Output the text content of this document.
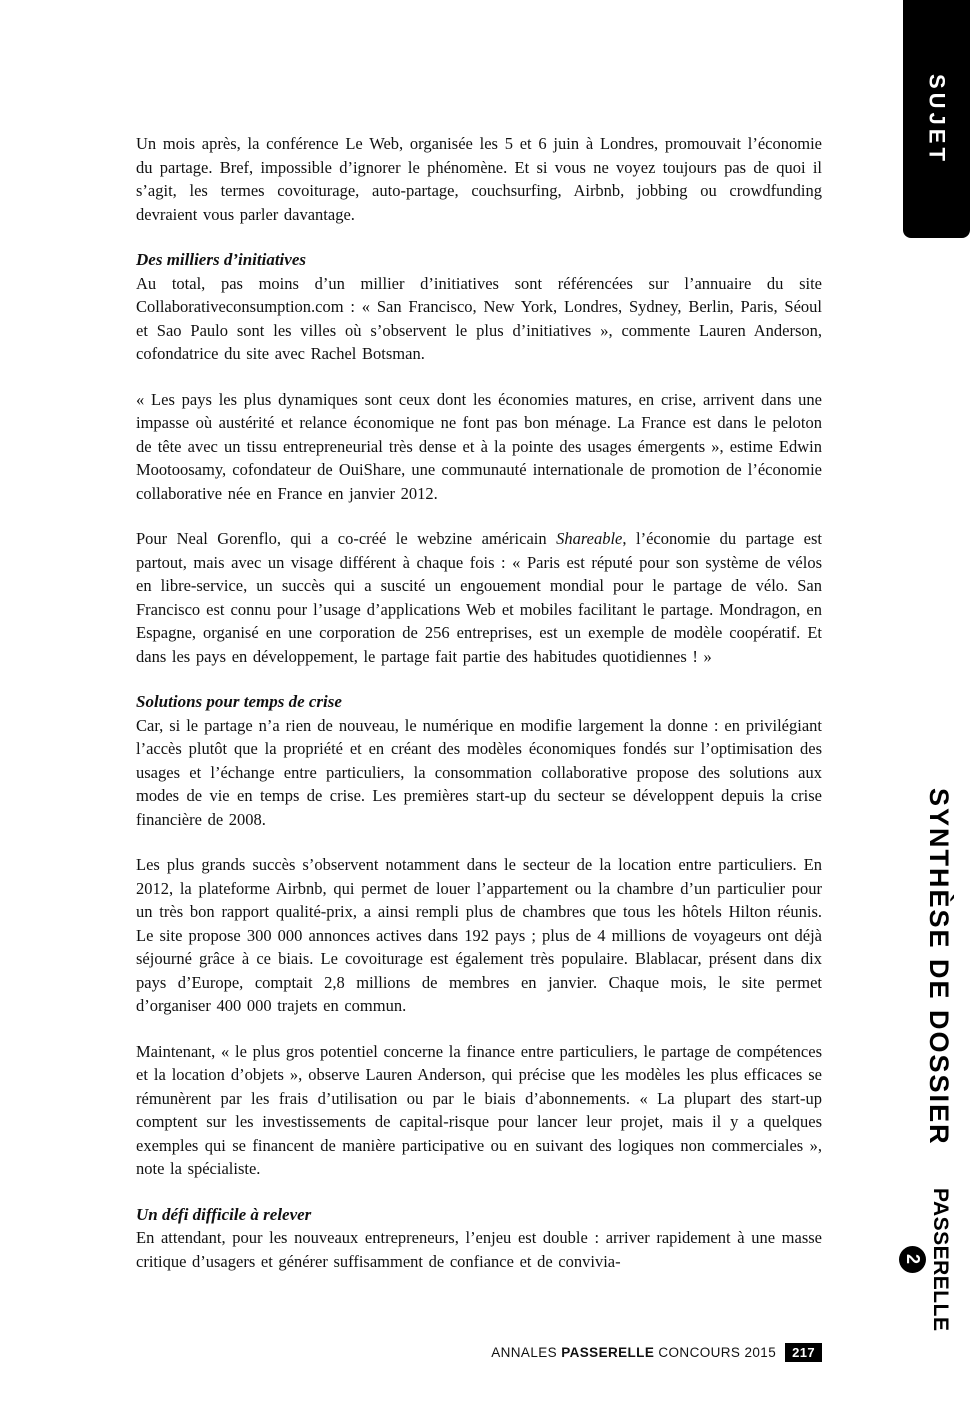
Un mois après, la conférence Le Web, organisée les 5 et 6 juin à Londres, promouvait l’économie du partage. Bref, impossible d’ignorer le phénomène. Et si vous ne voyez toujours pas de quoi il s’agit, les termes covoiturage, auto-partage, couchsurfing, Airbnb, jobbing ou crowdfunding devraient vous parler davantage.

Des milliers d’initiatives

Au total, pas moins d’un millier d’initiatives sont référencées sur l’annuaire du site Collaborativeconsumption.com : « San Francisco, New York, Londres, Sydney, Berlin, Paris, Séoul et Sao Paulo sont les villes où s’observent le plus d’initiatives », commente Lauren Anderson, cofondatrice du site avec Rachel Botsman.

« Les pays les plus dynamiques sont ceux dont les économies matures, en crise, arrivent dans une impasse où austérité et relance économique ne font pas bon ménage. La France est dans le peloton de tête avec un tissu entrepreneurial très dense et à la pointe des usages émergents », estime Edwin Mootoosamy, cofondateur de OuiShare, une communauté internationale de promotion de l’économie collaborative née en France en janvier 2012.

Pour Neal Gorenflo, qui a co-créé le webzine américain Shareable, l’économie du partage est partout, mais avec un visage différent à chaque fois : « Paris est réputé pour son système de vélos en libre-service, un succès qui a suscité un engouement mondial pour le partage de vélo. San Francisco est connu pour l’usage d’applications Web et mobiles facilitant le partage. Mondragon, en Espagne, organisé en une corporation de 256 entreprises, est un exemple de modèle coopératif. Et dans les pays en développement, le partage fait partie des habitudes quotidiennes ! »

Solutions pour temps de crise

Car, si le partage n’a rien de nouveau, le numérique en modifie largement la donne : en privilégiant l’accès plutôt que la propriété et en créant des modèles économiques fondés sur l’optimisation des usages et l’échange entre particuliers, la consommation collaborative propose des solutions aux modes de vie en temps de crise. Les premières start-up du secteur se développent depuis la crise financière de 2008.

Les plus grands succès s’observent notamment dans le secteur de la location entre particuliers. En 2012, la plateforme Airbnb, qui permet de louer l’appartement ou la chambre d’un particulier pour un très bon rapport qualité-prix, a ainsi rempli plus de chambres que tous les hôtels Hilton réunis. Le site propose 300 000 annonces actives dans 192 pays ; plus de 4 millions de voyageurs ont déjà séjourné grâce à ce biais. Le covoiturage est également très populaire. Blablacar, présent dans dix pays d’Europe, comptait 2,8 millions de membres en janvier. Chaque mois, le site permet d’organiser 400 000 trajets en commun.

Maintenant, « le plus gros potentiel concerne la finance entre particuliers, le partage de compétences et la location d’objets », observe Lauren Anderson, qui précise que les modèles les plus efficaces se rémunèrent par les frais d’utilisation ou par le biais d’abonnements. « La plupart des start-up comptent sur les investissements de capital-risque pour lancer leur projet, mais il y a quelques exemples qui se financent de manière participative ou en suivant des logiques non commerciales », note la spécialiste.

Un défi difficile à relever

En attendant, pour les nouveaux entrepreneurs, l’enjeu est double : arriver rapidement à une masse critique d’usagers et générer suffisamment de confiance et de convivia-

ANNALES PASSERELLE CONCOURS 2015	217
SUJET
SYNTHÈSE DE DOSSIER
PASSERELLE
2
